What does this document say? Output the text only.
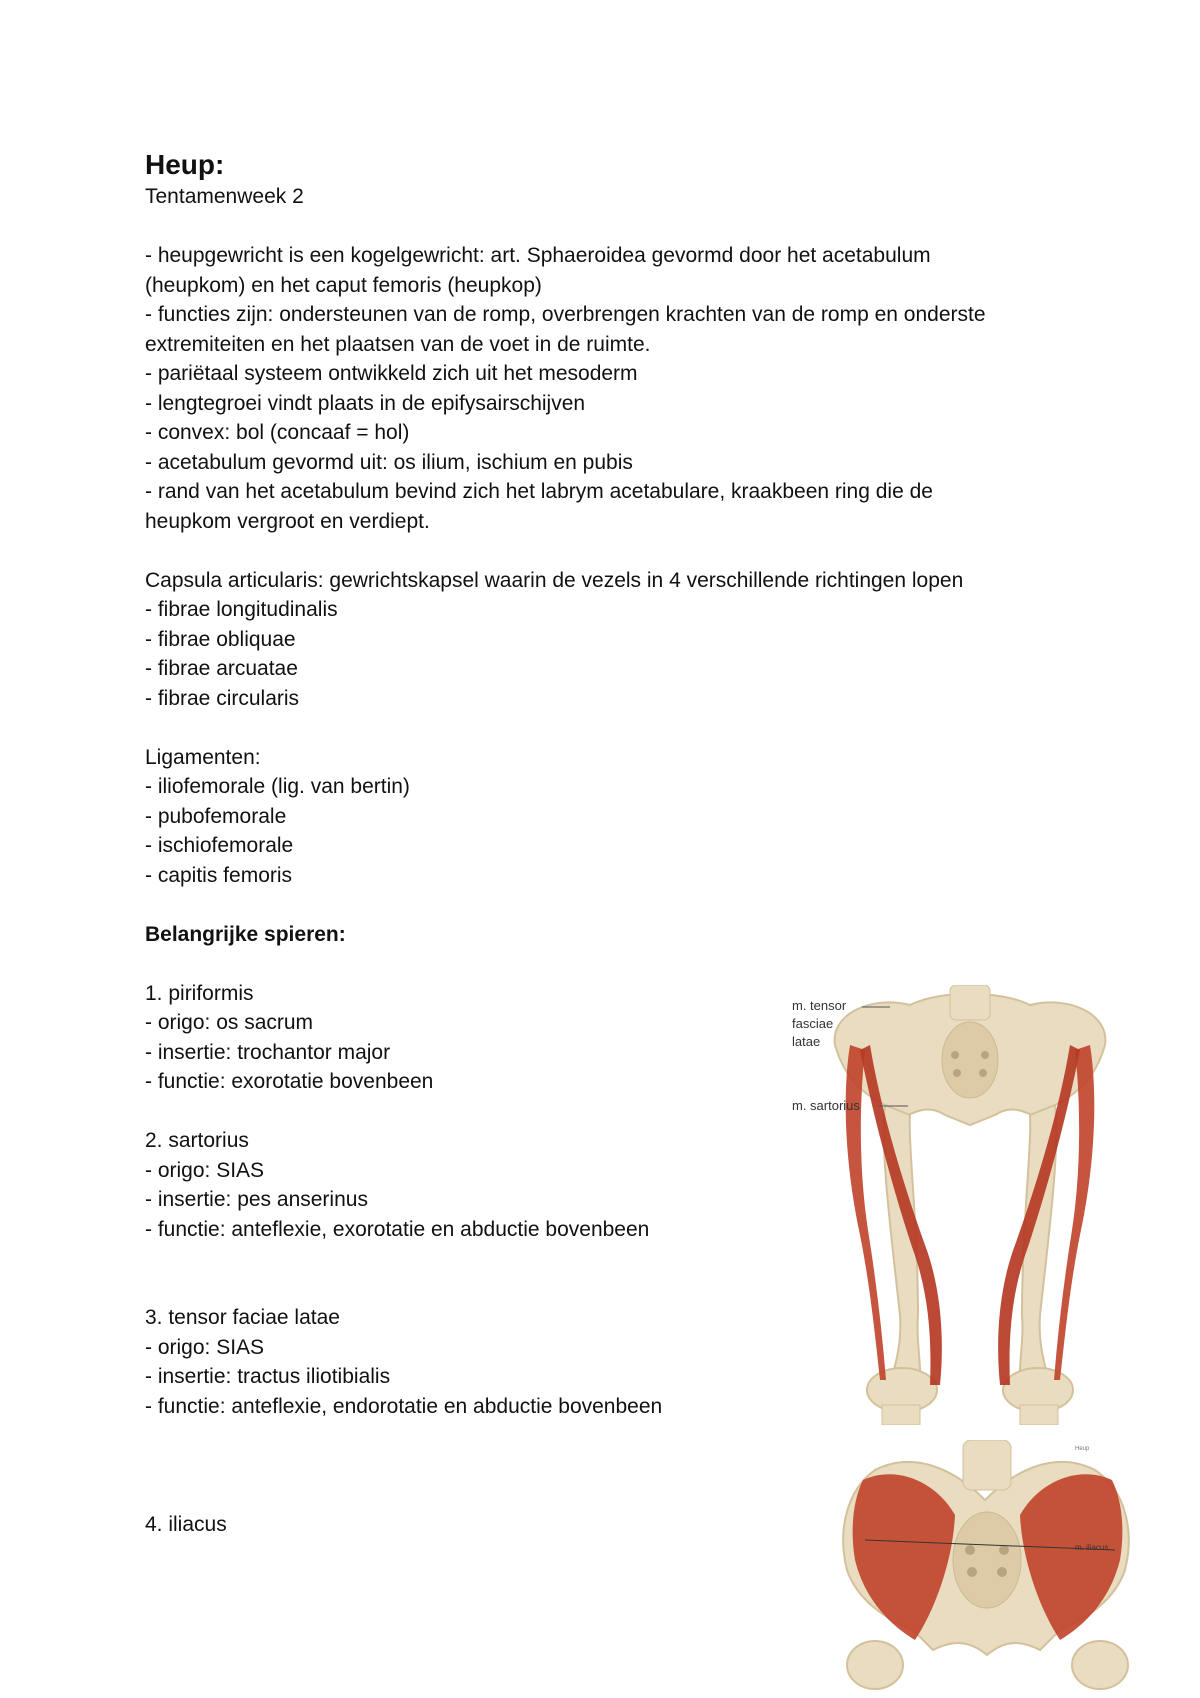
Heup:

Tentamenweek 2

- heupgewricht is een kogelgewricht: art. Sphaeroidea gevormd door het acetabulum

(heupkom) en het caput femoris (heupkop)

- functies zijn: ondersteunen van de romp, overbrengen krachten van de romp en onderste

extremiteiten en het plaatsen van de voet in de ruimte.

- pariëtaal systeem ontwikkeld zich uit het mesoderm

- lengtegroei vindt plaats in de epifysairschijven

- convex: bol (concaaf = hol)

- acetabulum gevormd uit: os ilium, ischium en pubis

- rand van het acetabulum bevind zich het labrym acetabulare, kraakbeen ring die de

heupkom vergroot en verdiept.

Capsula articularis: gewrichtskapsel waarin de vezels in 4 verschillende richtingen lopen

- fibrae longitudinalis

- fibrae obliquae

- fibrae arcuatae

- fibrae circularis

Ligamenten:

- iliofemorale (lig. van bertin)

- pubofemorale

- ischiofemorale

- capitis femoris

Belangrijke spieren:

1. piriformis

- origo: os sacrum

- insertie: trochantor major

- functie: exorotatie bovenbeen

2. sartorius

- origo: SIAS

- insertie: pes anserinus

- functie: anteflexie, exorotatie en abductie bovenbeen

3. tensor faciae latae

- origo: SIAS

- insertie: tractus iliotibialis

- functie: anteflexie, endorotatie en abductie bovenbeen

4. iliacus

m. tensor
fasciae
latae
m. sartorius
m. iliacus
Heup
